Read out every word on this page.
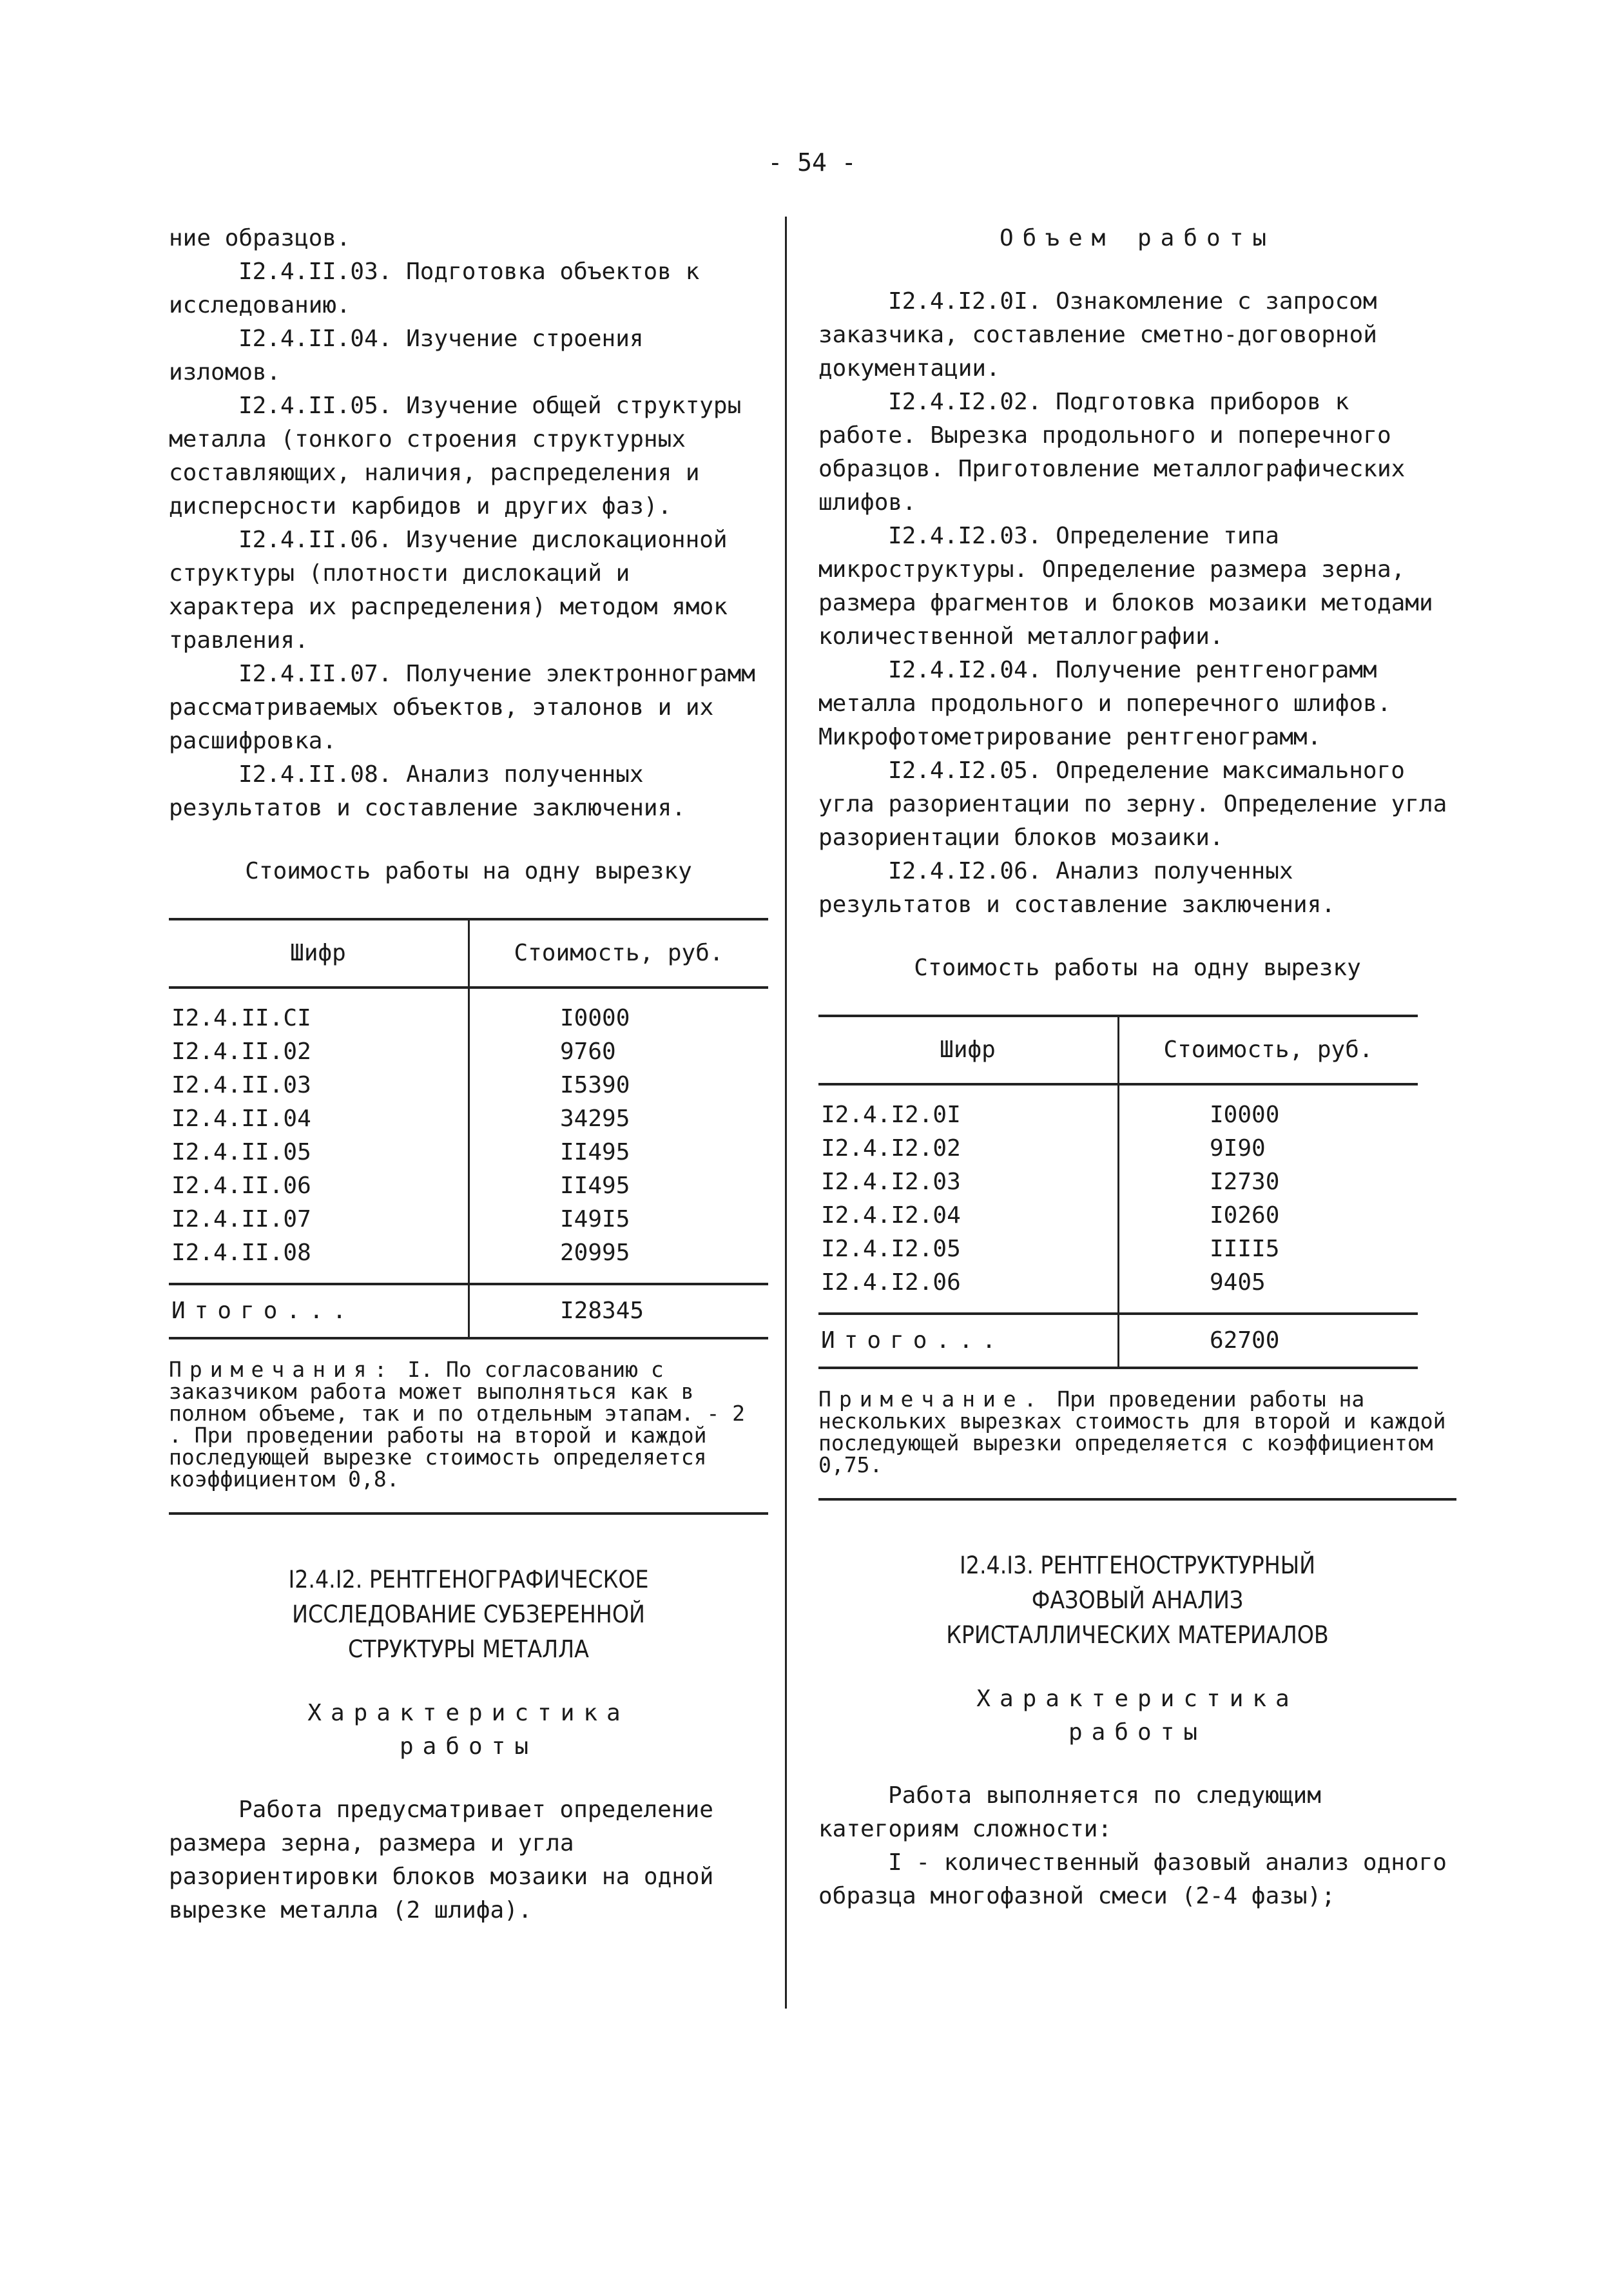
- 54 -

ние образцов.

I2.4.II.03. Подготовка объектов к исследованию.

I2.4.II.04. Изучение строения изломов.

I2.4.II.05. Изучение общей структуры металла (тонкого строения структурных составляющих, наличия, распределения и дисперсности карбидов и других фаз).

I2.4.II.06. Изучение дислокационной структуры (плотности дислокаций и характера их распределения) методом ямок травления.

I2.4.II.07. Получение электроннограмм рассматриваемых объектов, эталонов и их расшифровка.

I2.4.II.08. Анализ полученных результатов и составление заключения.

Стоимость работы на одну вырезку

Шифр	Стоимость, руб.
I2.4.II.CI	I0000
I2.4.II.02	9760
I2.4.II.03	I5390
I2.4.II.04	34295
I2.4.II.05	II495
I2.4.II.06	II495
I2.4.II.07	I49I5
I2.4.II.08	20995
Итого...	I28345
Примечания: I. По согласованию с заказчиком работа может выполняться как в полном объеме, так и по отдельным этапам. - 2 . При проведении работы на второй и каждой последующей вырезке стоимость определяется коэффициентом 0,8.

I2.4.I2. РЕНТГЕНОГРАФИЧЕСКОЕ

ИССЛЕДОВАНИЕ СУБЗЕРЕННОЙ

СТРУКТУРЫ МЕТАЛЛА

Характеристика

работы

Работа предусматривает определение размера зерна, размера и угла разориентировки блоков мозаики на одной вырезке металла (2 шлифа).

Объем работы

I2.4.I2.0I. Ознакомление с запросом заказчика, составление сметно-договорной документации.

I2.4.I2.02. Подготовка приборов к работе. Вырезка продольного и поперечного образцов. Приготовление металлографических шлифов.

I2.4.I2.03. Определение типа микроструктуры. Определение размера зерна, размера фрагментов и блоков мозаики методами количественной металлографии.

I2.4.I2.04. Получение рентгенограмм металла продольного и поперечного шлифов. Микрофотометрирование рентгенограмм.

I2.4.I2.05. Определение максимального угла разориентации по зерну. Определение угла разориентации блоков мозаики.

I2.4.I2.06. Анализ полученных результатов и составление заключения.

Стоимость работы на одну вырезку

Шифр	Стоимость, руб.
I2.4.I2.0I	I0000
I2.4.I2.02	9I90
I2.4.I2.03	I2730
I2.4.I2.04	I0260
I2.4.I2.05	IIII5
I2.4.I2.06	9405
Итого...	62700
Примечание. При проведении работы на нескольких вырезках стоимость для второй и каждой последующей вырезки определяется с коэффициентом 0,75.

I2.4.I3. РЕНТГЕНОСТРУКТУРНЫЙ

ФАЗОВЫЙ АНАЛИЗ

КРИСТАЛЛИЧЕСКИХ МАТЕРИАЛОВ

Характеристика

работы

Работа выполняется по следующим категориям сложности:

I - количественный фазовый анализ одного образца многофазной смеси (2-4 фазы);
